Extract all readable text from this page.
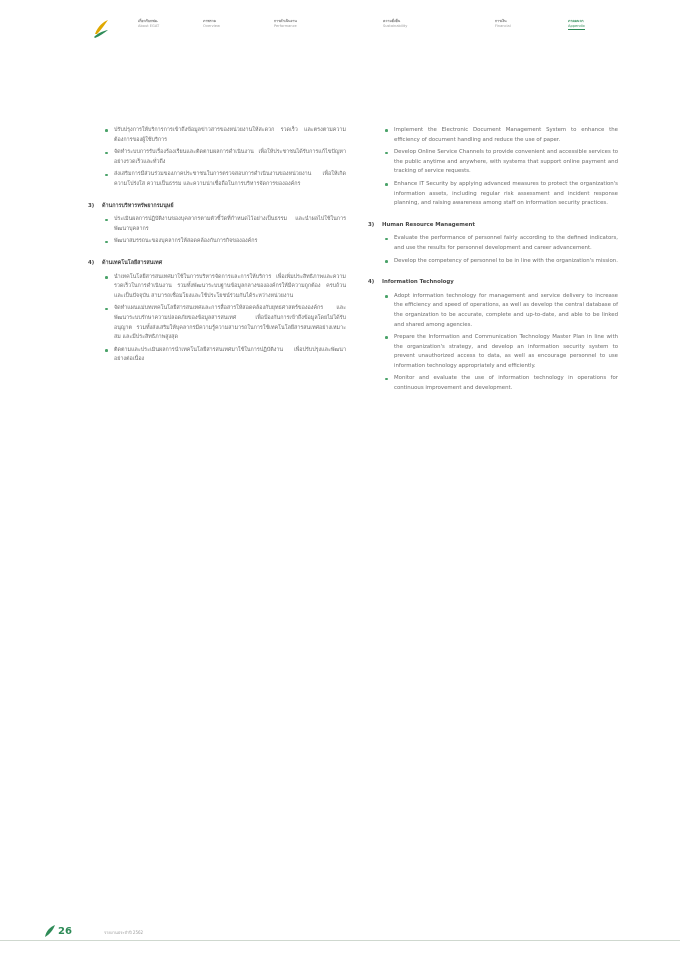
เกี่ยวกับกฟผ.
About EGAT
ภาพรวม
Overview
การดำเนินงาน
Performance
ความยั่งยืน
Sustainability
การเงิน
Financial
ภาคผนวก
Appendix
ปรับปรุงการให้บริการการเข้าถึงข้อมูลข่าวสารของหน่วยงานให้สะดวก รวดเร็ว และตรงตามความต้องการของผู้ใช้บริการ
จัดทำระบบการรับเรื่องร้องเรียนและติดตามผลการดำเนินงาน เพื่อให้ประชาชนได้รับการแก้ไขปัญหาอย่างรวดเร็วและทั่วถึง
ส่งเสริมการมีส่วนร่วมของภาคประชาชนในการตรวจสอบการดำเนินงานของหน่วยงาน เพื่อให้เกิดความโปร่งใส ความเป็นธรรม และความน่าเชื่อถือในการบริหารจัดการขององค์กร
3) ด้านการบริหารทรัพยากรมนุษย์
ประเมินผลการปฏิบัติงานของบุคลากรตามตัวชี้วัดที่กำหนดไว้อย่างเป็นธรรม และนำผลไปใช้ในการพัฒนาบุคลากร
พัฒนาสมรรถนะของบุคลากรให้สอดคล้องกับภารกิจขององค์กร
4) ด้านเทคโนโลยีสารสนเทศ
นำเทคโนโลยีสารสนเทศมาใช้ในการบริหารจัดการและการให้บริการ เพื่อเพิ่มประสิทธิภาพและความรวดเร็วในการดำเนินงาน รวมทั้งพัฒนาระบบฐานข้อมูลกลางขององค์กรให้มีความถูกต้อง ครบถ้วน และเป็นปัจจุบัน สามารถเชื่อมโยงและใช้ประโยชน์ร่วมกันได้ระหว่างหน่วยงาน
จัดทำแผนแม่บทเทคโนโลยีสารสนเทศและการสื่อสารให้สอดคล้องกับยุทธศาสตร์ขององค์กร และพัฒนาระบบรักษาความปลอดภัยของข้อมูลสารสนเทศ เพื่อป้องกันการเข้าถึงข้อมูลโดยไม่ได้รับอนุญาต รวมทั้งส่งเสริมให้บุคลากรมีความรู้ความสามารถในการใช้เทคโนโลยีสารสนเทศอย่างเหมาะสม และมีประสิทธิภาพสูงสุด
ติดตามและประเมินผลการนำเทคโนโลยีสารสนเทศมาใช้ในการปฏิบัติงาน เพื่อปรับปรุงและพัฒนาอย่างต่อเนื่อง
Implement the Electronic Document Management System to enhance the efficiency of document handling and reduce the use of paper.
Develop Online Service Channels to provide convenient and accessible services to the public anytime and anywhere, with systems that support online payment and tracking of service requests.
Enhance IT Security by applying advanced measures to protect the organization's information assets, including regular risk assessment and incident response planning, and raising awareness among staff on information security practices.
3) Human Resource Management
Evaluate the performance of personnel fairly according to the defined indicators, and use the results for personnel development and career advancement.
Develop the competency of personnel to be in line with the organization's mission.
4) Information Technology
Adopt information technology for management and service delivery to increase the efficiency and speed of operations, as well as develop the central database of the organization to be accurate, complete and up-to-date, and able to be linked and shared among agencies.
Prepare the Information and Communication Technology Master Plan in line with the organization's strategy, and develop an information security system to prevent unauthorized access to data, as well as encourage personnel to use information technology appropriately and efficiently.
Monitor and evaluate the use of information technology in operations for continuous improvement and development.
26	รายงานประจำปี 2562
